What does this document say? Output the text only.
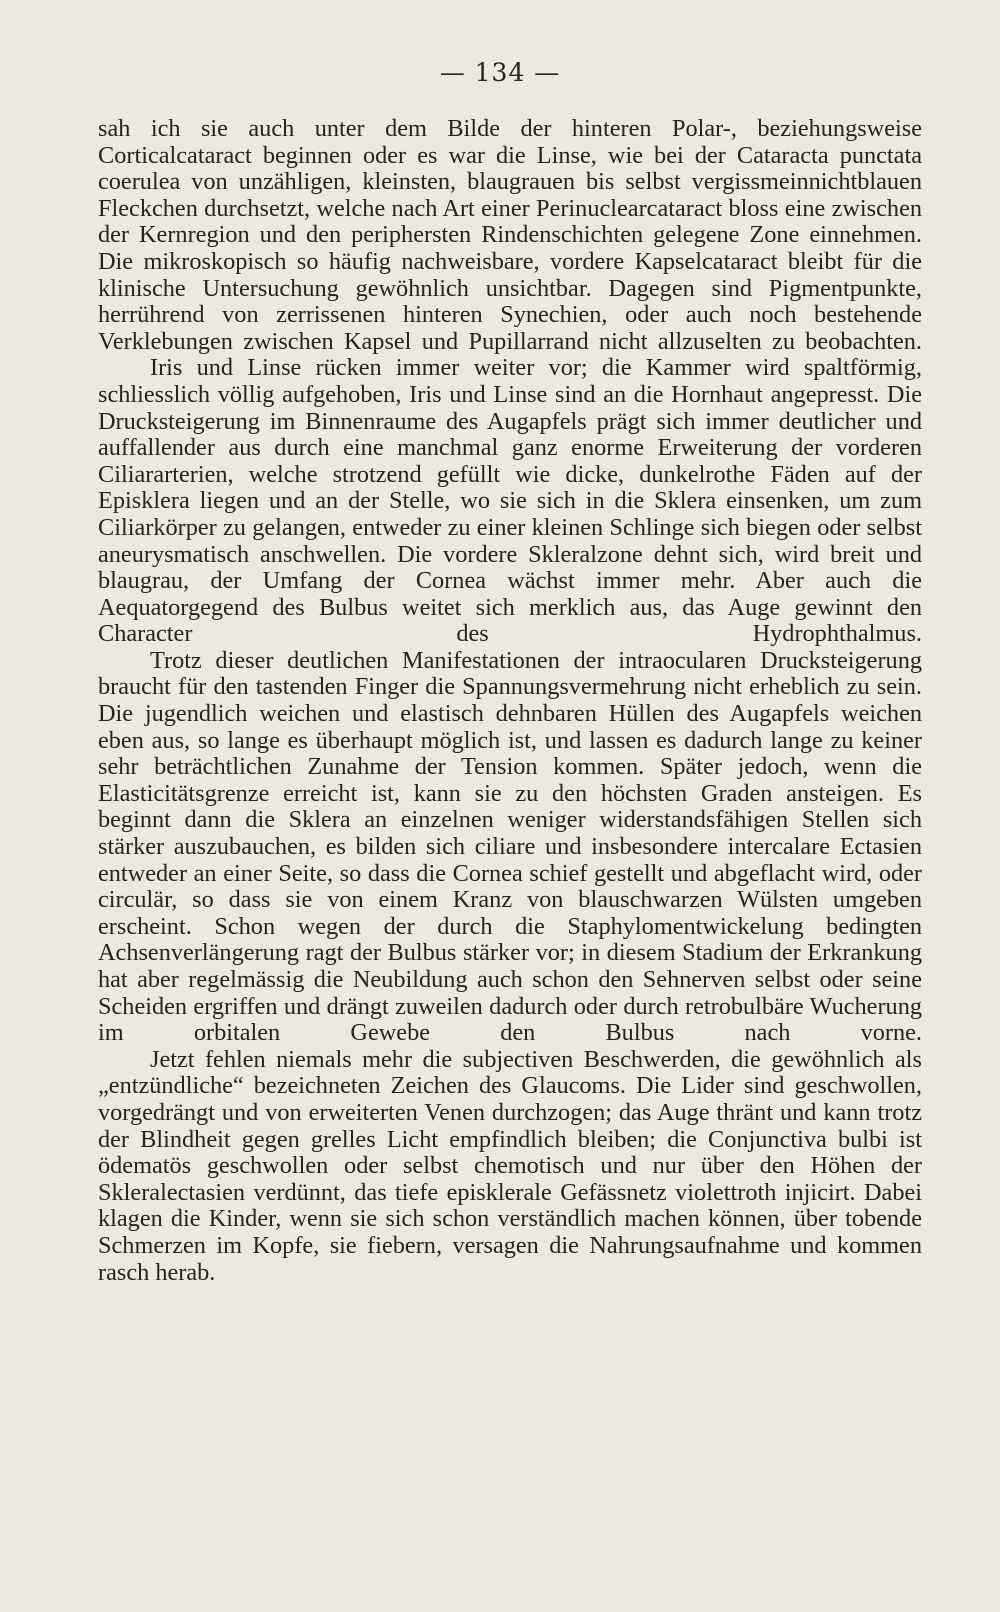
— 134 —

sah ich sie auch unter dem Bilde der hinteren Polar-, beziehungsweise Corticalcataract beginnen oder es war die Linse, wie bei der Cataracta punctata coerulea von unzähligen, kleinsten, blaugrauen bis selbst vergissmeinnichtblauen Fleckchen durchsetzt, welche nach Art einer Perinuclearcataract bloss eine zwischen der Kernregion und den periphersten Rindenschichten gelegene Zone einnehmen. Die mikroskopisch so häufig nachweisbare, vordere Kapselcataract bleibt für die klinische Untersuchung gewöhnlich unsichtbar. Dagegen sind Pigmentpunkte, herrührend von zerrissenen hinteren Synechien, oder auch noch bestehende Verklebungen zwischen Kapsel und Pupillarrand nicht allzuselten zu beobachten.

Iris und Linse rücken immer weiter vor; die Kammer wird spaltförmig, schliesslich völlig aufgehoben, Iris und Linse sind an die Hornhaut angepresst. Die Drucksteigerung im Binnenraume des Augapfels prägt sich immer deutlicher und auffallender aus durch eine manchmal ganz enorme Erweiterung der vorderen Ciliararterien, welche strotzend gefüllt wie dicke, dunkelrothe Fäden auf der Episklera liegen und an der Stelle, wo sie sich in die Sklera einsenken, um zum Ciliarkörper zu gelangen, entweder zu einer kleinen Schlinge sich biegen oder selbst aneurysmatisch anschwellen. Die vordere Skleralzone dehnt sich, wird breit und blaugrau, der Umfang der Cornea wächst immer mehr. Aber auch die Aequatorgegend des Bulbus weitet sich merklich aus, das Auge gewinnt den Character des Hydrophthalmus.

Trotz dieser deutlichen Manifestationen der intraocularen Drucksteigerung braucht für den tastenden Finger die Spannungsvermehrung nicht erheblich zu sein. Die jugendlich weichen und elastisch dehnbaren Hüllen des Augapfels weichen eben aus, so lange es überhaupt möglich ist, und lassen es dadurch lange zu keiner sehr beträchtlichen Zunahme der Tension kommen. Später jedoch, wenn die Elasticitätsgrenze erreicht ist, kann sie zu den höchsten Graden ansteigen. Es beginnt dann die Sklera an einzelnen weniger widerstandsfähigen Stellen sich stärker auszubauchen, es bilden sich ciliare und insbesondere intercalare Ectasien entweder an einer Seite, so dass die Cornea schief gestellt und abgeflacht wird, oder circulär, so dass sie von einem Kranz von blauschwarzen Wülsten umgeben erscheint. Schon wegen der durch die Staphylomentwickelung bedingten Achsenverlängerung ragt der Bulbus stärker vor; in diesem Stadium der Erkrankung hat aber regelmässig die Neubildung auch schon den Sehnerven selbst oder seine Scheiden ergriffen und drängt zuweilen dadurch oder durch retrobulbäre Wucherung im orbitalen Gewebe den Bulbus nach vorne.

Jetzt fehlen niemals mehr die subjectiven Beschwerden, die gewöhnlich als „entzündliche“ bezeichneten Zeichen des Glaucoms. Die Lider sind geschwollen, vorgedrängt und von erweiterten Venen durchzogen; das Auge thränt und kann trotz der Blindheit gegen grelles Licht empfindlich bleiben; die Conjunctiva bulbi ist ödematös geschwollen oder selbst chemotisch und nur über den Höhen der Skleralectasien verdünnt, das tiefe episklerale Gefässnetz violettroth injicirt. Dabei klagen die Kinder, wenn sie sich schon verständlich machen können, über tobende Schmerzen im Kopfe, sie fiebern, versagen die Nahrungsaufnahme und kommen rasch herab.
